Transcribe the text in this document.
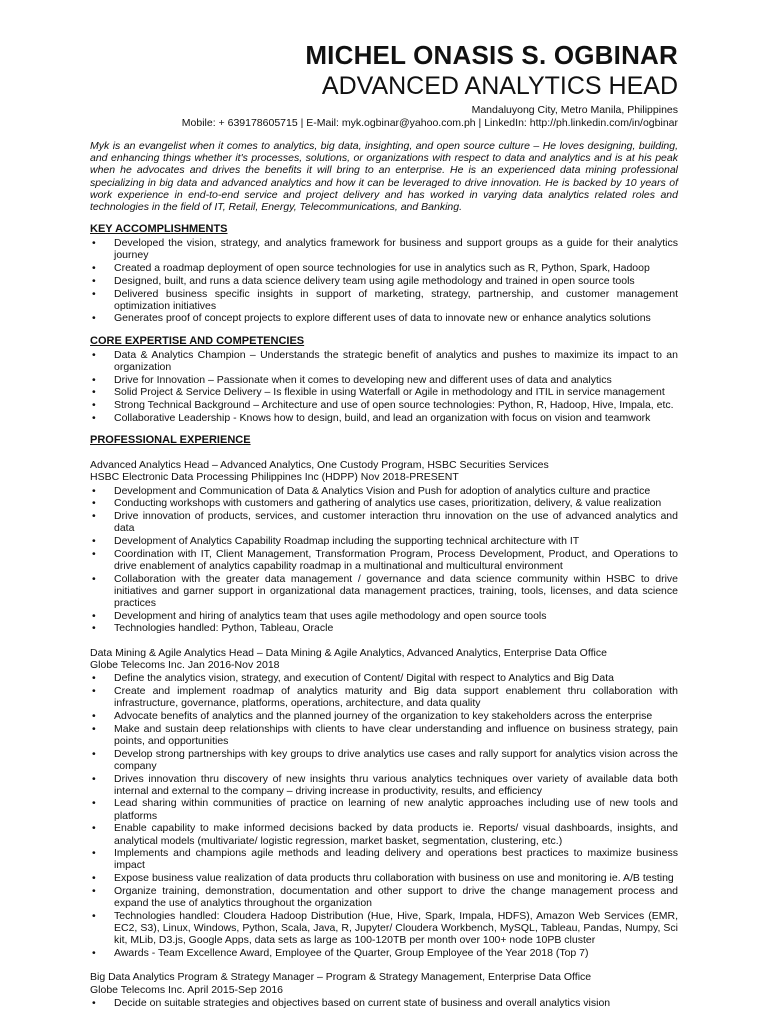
MICHEL ONASIS S. OGBINAR
ADVANCED ANALYTICS HEAD
Mandaluyong City, Metro Manila, Philippines
Mobile: + 639178605715 | E-Mail: myk.ogbinar@yahoo.com.ph | LinkedIn: http://ph.linkedin.com/in/ogbinar
Myk is an evangelist when it comes to analytics, big data, insighting, and open source culture – He loves designing, building, and enhancing things whether it's processes, solutions, or organizations with respect to data and analytics and is at his peak when he advocates and drives the benefits it will bring to an enterprise. He is an experienced data mining professional specializing in big data and advanced analytics and how it can be leveraged to drive innovation. He is backed by 10 years of work experience in end-to-end service and project delivery and has worked in varying data analytics related roles and technologies in the field of IT, Retail, Energy, Telecommunications, and Banking.
KEY ACCOMPLISHMENTS
• Developed the vision, strategy, and analytics framework for business and support groups as a guide for their analytics journey
• Created a roadmap deployment of open source technologies for use in analytics such as R, Python, Spark, Hadoop
• Designed, built, and runs a data science delivery team using agile methodology and trained in open source tools
• Delivered business specific insights in support of marketing, strategy, partnership, and customer management optimization initiatives
• Generates proof of concept projects to explore different uses of data to innovate new or enhance analytics solutions
CORE EXPERTISE AND COMPETENCIES
• Data & Analytics Champion – Understands the strategic benefit of analytics and pushes to maximize its impact to an organization
• Drive for Innovation – Passionate when it comes to developing new and different uses of data and analytics
• Solid Project & Service Delivery – Is flexible in using Waterfall or Agile in methodology and ITIL in service management
• Strong Technical Background – Architecture and use of open source technologies: Python, R, Hadoop, Hive, Impala, etc.
• Collaborative Leadership - Knows how to design, build, and lead an organization with focus on vision and teamwork
PROFESSIONAL EXPERIENCE
Advanced Analytics Head – Advanced Analytics, One Custody Program, HSBC Securities Services
HSBC Electronic Data Processing Philippines Inc (HDPP) Nov 2018-PRESENT
• Development and Communication of Data & Analytics Vision and Push for adoption of analytics culture and practice
• Conducting workshops with customers and gathering of analytics use cases, prioritization, delivery, & value realization
• Drive innovation of products, services, and customer interaction thru innovation on the use of advanced analytics and data
• Development of Analytics Capability Roadmap including the supporting technical architecture with IT
• Coordination with IT, Client Management, Transformation Program, Process Development, Product, and Operations to drive enablement of analytics capability roadmap in a multinational and multicultural environment
• Collaboration with the greater data management / governance and data science community within HSBC to drive initiatives and garner support in organizational data management practices, training, tools, licenses, and data science practices
• Development and hiring of analytics team that uses agile methodology and open source tools
• Technologies handled: Python, Tableau, Oracle
Data Mining & Agile Analytics Head – Data Mining & Agile Analytics, Advanced Analytics, Enterprise Data Office
Globe Telecoms Inc. Jan 2016-Nov 2018
• Define the analytics vision, strategy, and execution of Content/ Digital with respect to Analytics and Big Data
• Create and implement roadmap of analytics maturity and Big data support enablement thru collaboration with infrastructure, governance, platforms, operations, architecture, and data quality
• Advocate benefits of analytics and the planned journey of the organization to key stakeholders across the enterprise
• Make and sustain deep relationships with clients to have clear understanding and influence on business strategy, pain points, and opportunities
• Develop strong partnerships with key groups to drive analytics use cases and rally support for analytics vision across the company
• Drives innovation thru discovery of new insights thru various analytics techniques over variety of available data both internal and external to the company – driving increase in productivity, results, and efficiency
• Lead sharing within communities of practice on learning of new analytic approaches including use of new tools and platforms
• Enable capability to make informed decisions backed by data products ie. Reports/ visual dashboards, insights, and analytical models (multivariate/ logistic regression, market basket, segmentation, clustering, etc.)
• Implements and champions agile methods and leading delivery and operations best practices to maximize business impact
• Expose business value realization of data products thru collaboration with business on use and monitoring ie. A/B testing
• Organize training, demonstration, documentation and other support to drive the change management process and expand the use of analytics throughout the organization
• Technologies handled: Cloudera Hadoop Distribution (Hue, Hive, Spark, Impala, HDFS), Amazon Web Services (EMR, EC2, S3), Linux, Windows, Python, Scala, Java, R, Jupyter/ Cloudera Workbench, MySQL, Tableau, Pandas, Numpy, Sci kit, MLib, D3.js, Google Apps, data sets as large as 100-120TB per month over 100+ node 10PB cluster
• Awards - Team Excellence Award, Employee of the Quarter, Group Employee of the Year 2018 (Top 7)
Big Data Analytics Program & Strategy Manager – Program & Strategy Management, Enterprise Data Office
Globe Telecoms Inc. April 2015-Sep 2016
• Decide on suitable strategies and objectives based on current state of business and overall analytics vision
